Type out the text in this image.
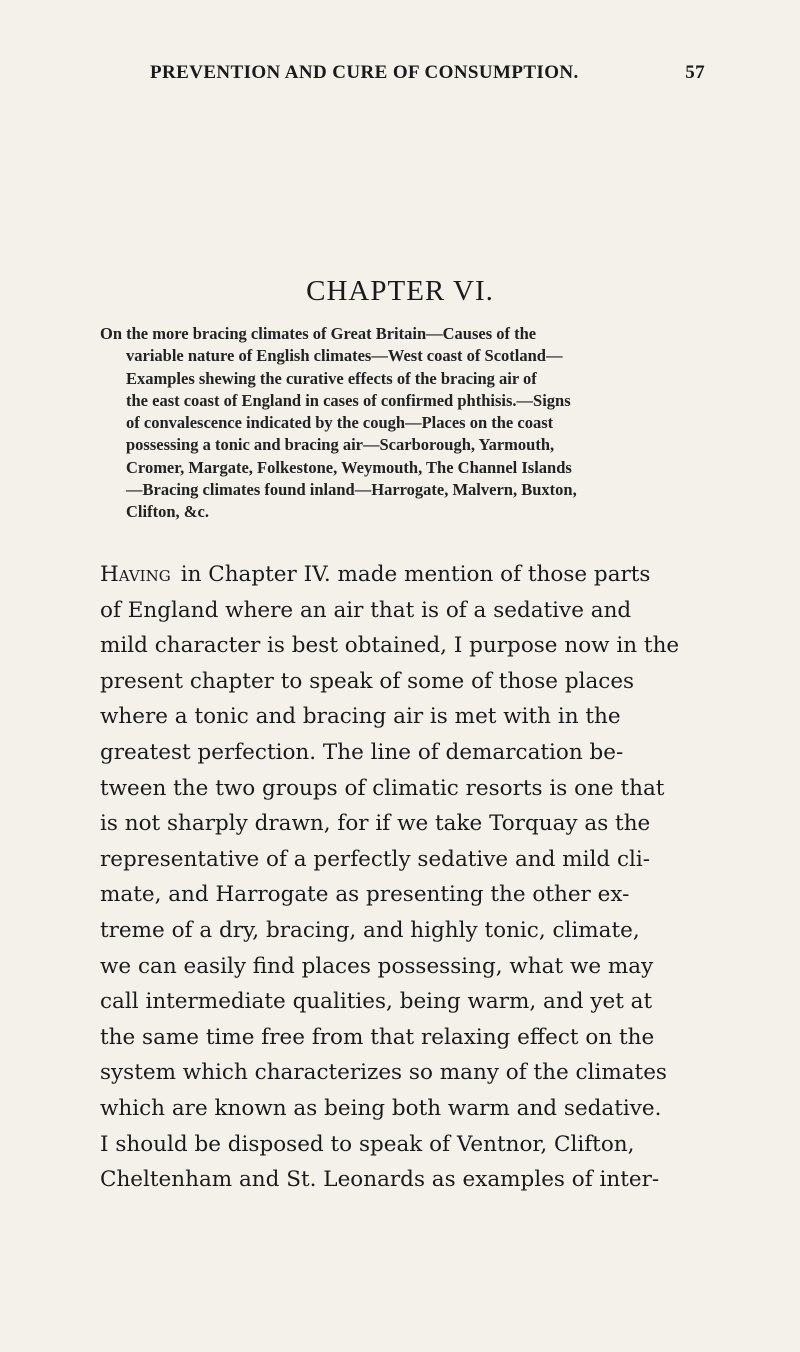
PREVENTION AND CURE OF CONSUMPTION.	57
CHAPTER VI.
On the more bracing climates of Great Britain—Causes of the
variable nature of English climates—West coast of Scotland—
Examples shewing the curative effects of the bracing air of
the east coast of England in cases of confirmed phthisis.—Signs
of convalescence indicated by the cough—Places on the coast
possessing a tonic and bracing air—Scarborough, Yarmouth,
Cromer, Margate, Folkestone, Weymouth, The Channel Islands
—Bracing climates found inland—Harrogate, Malvern, Buxton,
Clifton, &c.
Having in Chapter IV. made mention of those parts
of England where an air that is of a sedative and
mild character is best obtained, I purpose now in the
present chapter to speak of some of those places
where a tonic and bracing air is met with in the
greatest perfection. The line of demarcation be-
tween the two groups of climatic resorts is one that
is not sharply drawn, for if we take Torquay as the
representative of a perfectly sedative and mild cli-
mate, and Harrogate as presenting the other ex-
treme of a dry, bracing, and highly tonic, climate,
we can easily find places possessing, what we may
call intermediate qualities, being warm, and yet at
the same time free from that relaxing effect on the
system which characterizes so many of the climates
which are known as being both warm and sedative.
I should be disposed to speak of Ventnor, Clifton,
Cheltenham and St. Leonards as examples of inter-
